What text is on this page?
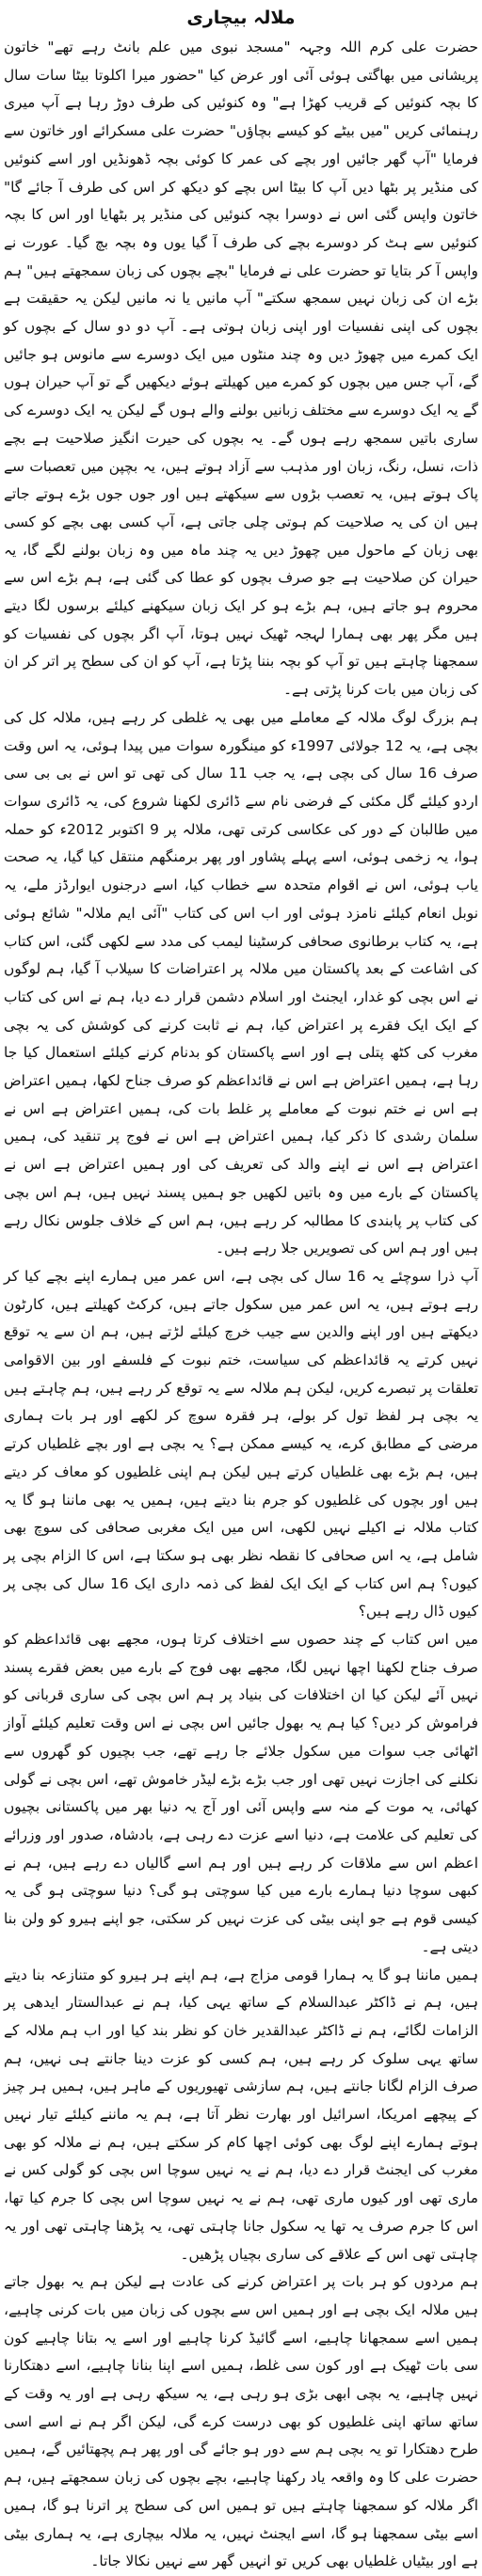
ملالہ بیچاری

حضرت علی کرم اللہ وجہہ "مسجد نبوی میں علم بانٹ رہے تھے" خاتون پریشانی میں بھاگتی ہوئی آئی اور عرض کیا "حضور میرا اکلوتا بیٹا سات سال کا بچہ کنوئیں کے قریب کھڑا ہے" وہ کنوئیں کی طرف دوڑ رہا ہے آپ میری رہنمائی کریں "میں بیٹے کو کیسے بچاؤں" حضرت علی مسکرائے اور خاتون سے فرمایا "آپ گھر جائیں اور بچے کی عمر کا کوئی بچہ ڈھونڈیں اور اسے کنوئیں کی منڈیر پر بٹھا دیں آپ کا بیٹا اس بچے کو دیکھ کر اس کی طرف آ جائے گا" خاتون واپس گئی اس نے دوسرا بچہ کنوئیں کی منڈیر پر بٹھایا اور اس کا بچہ کنوئیں سے ہٹ کر دوسرے بچے کی طرف آ گیا یوں وہ بچہ بچ گیا۔ عورت نے واپس آ کر بتایا تو حضرت علی نے فرمایا "بچے بچوں کی زبان سمجھتے ہیں" ہم بڑے ان کی زبان نہیں سمجھ سکتے" آپ مانیں یا نہ مانیں لیکن یہ حقیقت ہے بچوں کی اپنی نفسیات اور اپنی زبان ہوتی ہے۔ آپ دو دو سال کے بچوں کو ایک کمرے میں چھوڑ دیں وہ چند منٹوں میں ایک دوسرے سے مانوس ہو جائیں گے، آپ جس میں بچوں کو کمرے میں کھیلتے ہوئے دیکھیں گے تو آپ حیران ہوں گے یہ ایک دوسرے سے مختلف زبانیں بولنے والے ہوں گے لیکن یہ ایک دوسرے کی ساری باتیں سمجھ رہے ہوں گے۔ یہ بچوں کی حیرت انگیز صلاحیت ہے بچے ذات، نسل، رنگ، زبان اور مذہب سے آزاد ہوتے ہیں، یہ بچپن میں تعصبات سے پاک ہوتے ہیں، یہ تعصب بڑوں سے سیکھتے ہیں اور جوں جوں بڑے ہوتے جاتے ہیں ان کی یہ صلاحیت کم ہوتی چلی جاتی ہے، آپ کسی بھی بچے کو کسی بھی زبان کے ماحول میں چھوڑ دیں یہ چند ماہ میں وہ زبان بولنے لگے گا، یہ حیران کن صلاحیت ہے جو صرف بچوں کو عطا کی گئی ہے، ہم بڑے اس سے محروم ہو جاتے ہیں، ہم بڑے ہو کر ایک زبان سیکھنے کیلئے برسوں لگا دیتے ہیں مگر پھر بھی ہمارا لہجہ ٹھیک نہیں ہوتا، آپ اگر بچوں کی نفسیات کو سمجھنا چاہتے ہیں تو آپ کو بچہ بننا پڑتا ہے، آپ کو ان کی سطح پر اتر کر ان کی زبان میں بات کرنا پڑتی ہے۔

ہم بزرگ لوگ ملالہ کے معاملے میں بھی یہ غلطی کر رہے ہیں، ملالہ کل کی بچی ہے، یہ 12 جولائی 1997ء کو مینگورہ سوات میں پیدا ہوئی، یہ اس وقت صرف 16 سال کی بچی ہے، یہ جب 11 سال کی تھی تو اس نے بی بی سی اردو کیلئے گل مکئی کے فرضی نام سے ڈائری لکھنا شروع کی، یہ ڈائری سوات میں طالبان کے دور کی عکاسی کرتی تھی، ملالہ پر 9 اکتوبر 2012ء کو حملہ ہوا، یہ زخمی ہوئی، اسے پہلے پشاور اور پھر برمنگھم منتقل کیا گیا، یہ صحت یاب ہوئی، اس نے اقوام متحدہ سے خطاب کیا، اسے درجنوں ایوارڈز ملے، یہ نوبل انعام کیلئے نامزد ہوئی اور اب اس کی کتاب "آئی ایم ملالہ" شائع ہوئی ہے، یہ کتاب برطانوی صحافی کرسٹینا لیمب کی مدد سے لکھی گئی، اس کتاب کی اشاعت کے بعد پاکستان میں ملالہ پر اعتراضات کا سیلاب آ گیا، ہم لوگوں نے اس بچی کو غدار، ایجنٹ اور اسلام دشمن قرار دے دیا، ہم نے اس کی کتاب کے ایک ایک فقرے پر اعتراض کیا، ہم نے ثابت کرنے کی کوشش کی یہ بچی مغرب کی کٹھ پتلی ہے اور اسے پاکستان کو بدنام کرنے کیلئے استعمال کیا جا رہا ہے، ہمیں اعتراض ہے اس نے قائداعظم کو صرف جناح لکھا، ہمیں اعتراض ہے اس نے ختم نبوت کے معاملے پر غلط بات کی، ہمیں اعتراض ہے اس نے سلمان رشدی کا ذکر کیا، ہمیں اعتراض ہے اس نے فوج پر تنقید کی، ہمیں اعتراض ہے اس نے اپنے والد کی تعریف کی اور ہمیں اعتراض ہے اس نے پاکستان کے بارے میں وہ باتیں لکھیں جو ہمیں پسند نہیں ہیں، ہم اس بچی کی کتاب پر پابندی کا مطالبہ کر رہے ہیں، ہم اس کے خلاف جلوس نکال رہے ہیں اور ہم اس کی تصویریں جلا رہے ہیں۔

آپ ذرا سوچئے یہ 16 سال کی بچی ہے، اس عمر میں ہمارے اپنے بچے کیا کر رہے ہوتے ہیں، یہ اس عمر میں سکول جاتے ہیں، کرکٹ کھیلتے ہیں، کارٹون دیکھتے ہیں اور اپنے والدین سے جیب خرچ کیلئے لڑتے ہیں، ہم ان سے یہ توقع نہیں کرتے یہ قائداعظم کی سیاست، ختم نبوت کے فلسفے اور بین الاقوامی تعلقات پر تبصرے کریں، لیکن ہم ملالہ سے یہ توقع کر رہے ہیں، ہم چاہتے ہیں یہ بچی ہر لفظ تول کر بولے، ہر فقرہ سوچ کر لکھے اور ہر بات ہماری مرضی کے مطابق کرے، یہ کیسے ممکن ہے؟ یہ بچی ہے اور بچے غلطیاں کرتے ہیں، ہم بڑے بھی غلطیاں کرتے ہیں لیکن ہم اپنی غلطیوں کو معاف کر دیتے ہیں اور بچوں کی غلطیوں کو جرم بنا دیتے ہیں، ہمیں یہ بھی ماننا ہو گا یہ کتاب ملالہ نے اکیلے نہیں لکھی، اس میں ایک مغربی صحافی کی سوچ بھی شامل ہے، یہ اس صحافی کا نقطہ نظر بھی ہو سکتا ہے، اس کا الزام بچی پر کیوں؟ ہم اس کتاب کے ایک ایک لفظ کی ذمہ داری ایک 16 سال کی بچی پر کیوں ڈال رہے ہیں؟

میں اس کتاب کے چند حصوں سے اختلاف کرتا ہوں، مجھے بھی قائداعظم کو صرف جناح لکھنا اچھا نہیں لگا، مجھے بھی فوج کے بارے میں بعض فقرے پسند نہیں آئے لیکن کیا ان اختلافات کی بنیاد پر ہم اس بچی کی ساری قربانی کو فراموش کر دیں؟ کیا ہم یہ بھول جائیں اس بچی نے اس وقت تعلیم کیلئے آواز اٹھائی جب سوات میں سکول جلائے جا رہے تھے، جب بچیوں کو گھروں سے نکلنے کی اجازت نہیں تھی اور جب بڑے بڑے لیڈر خاموش تھے، اس بچی نے گولی کھائی، یہ موت کے منہ سے واپس آئی اور آج یہ دنیا بھر میں پاکستانی بچیوں کی تعلیم کی علامت ہے، دنیا اسے عزت دے رہی ہے، بادشاہ، صدور اور وزرائے اعظم اس سے ملاقات کر رہے ہیں اور ہم اسے گالیاں دے رہے ہیں، ہم نے کبھی سوچا دنیا ہمارے بارے میں کیا سوچتی ہو گی؟ دنیا سوچتی ہو گی یہ کیسی قوم ہے جو اپنی بیٹی کی عزت نہیں کر سکتی، جو اپنے ہیرو کو ولن بنا دیتی ہے۔

ہمیں ماننا ہو گا یہ ہمارا قومی مزاج ہے، ہم اپنے ہر ہیرو کو متنازعہ بنا دیتے ہیں، ہم نے ڈاکٹر عبدالسلام کے ساتھ یہی کیا، ہم نے عبدالستار ایدھی پر الزامات لگائے، ہم نے ڈاکٹر عبدالقدیر خان کو نظر بند کیا اور اب ہم ملالہ کے ساتھ یہی سلوک کر رہے ہیں، ہم کسی کو عزت دینا جانتے ہی نہیں، ہم صرف الزام لگانا جانتے ہیں، ہم سازشی تھیوریوں کے ماہر ہیں، ہمیں ہر چیز کے پیچھے امریکا، اسرائیل اور بھارت نظر آتا ہے، ہم یہ ماننے کیلئے تیار نہیں ہوتے ہمارے اپنے لوگ بھی کوئی اچھا کام کر سکتے ہیں، ہم نے ملالہ کو بھی مغرب کی ایجنٹ قرار دے دیا، ہم نے یہ نہیں سوچا اس بچی کو گولی کس نے ماری تھی اور کیوں ماری تھی، ہم نے یہ نہیں سوچا اس بچی کا جرم کیا تھا، اس کا جرم صرف یہ تھا یہ سکول جانا چاہتی تھی، یہ پڑھنا چاہتی تھی اور یہ چاہتی تھی اس کے علاقے کی ساری بچیاں پڑھیں۔

ہم مردوں کو ہر بات پر اعتراض کرنے کی عادت ہے لیکن ہم یہ بھول جاتے ہیں ملالہ ایک بچی ہے اور ہمیں اس سے بچوں کی زبان میں بات کرنی چاہیے، ہمیں اسے سمجھانا چاہیے، اسے گائیڈ کرنا چاہیے اور اسے یہ بتانا چاہیے کون سی بات ٹھیک ہے اور کون سی غلط، ہمیں اسے اپنا بنانا چاہیے، اسے دھتکارنا نہیں چاہیے، یہ بچی ابھی بڑی ہو رہی ہے، یہ سیکھ رہی ہے اور یہ وقت کے ساتھ ساتھ اپنی غلطیوں کو بھی درست کرے گی، لیکن اگر ہم نے اسے اسی طرح دھتکارا تو یہ بچی ہم سے دور ہو جائے گی اور پھر ہم پچھتائیں گے، ہمیں حضرت علی کا وہ واقعہ یاد رکھنا چاہیے، بچے بچوں کی زبان سمجھتے ہیں، ہم اگر ملالہ کو سمجھنا چاہتے ہیں تو ہمیں اس کی سطح پر اترنا ہو گا، ہمیں اسے بیٹی سمجھنا ہو گا، اسے ایجنٹ نہیں، یہ ملالہ بیچاری ہے، یہ ہماری بیٹی ہے اور بیٹیاں غلطیاں بھی کریں تو انہیں گھر سے نہیں نکالا جاتا۔
